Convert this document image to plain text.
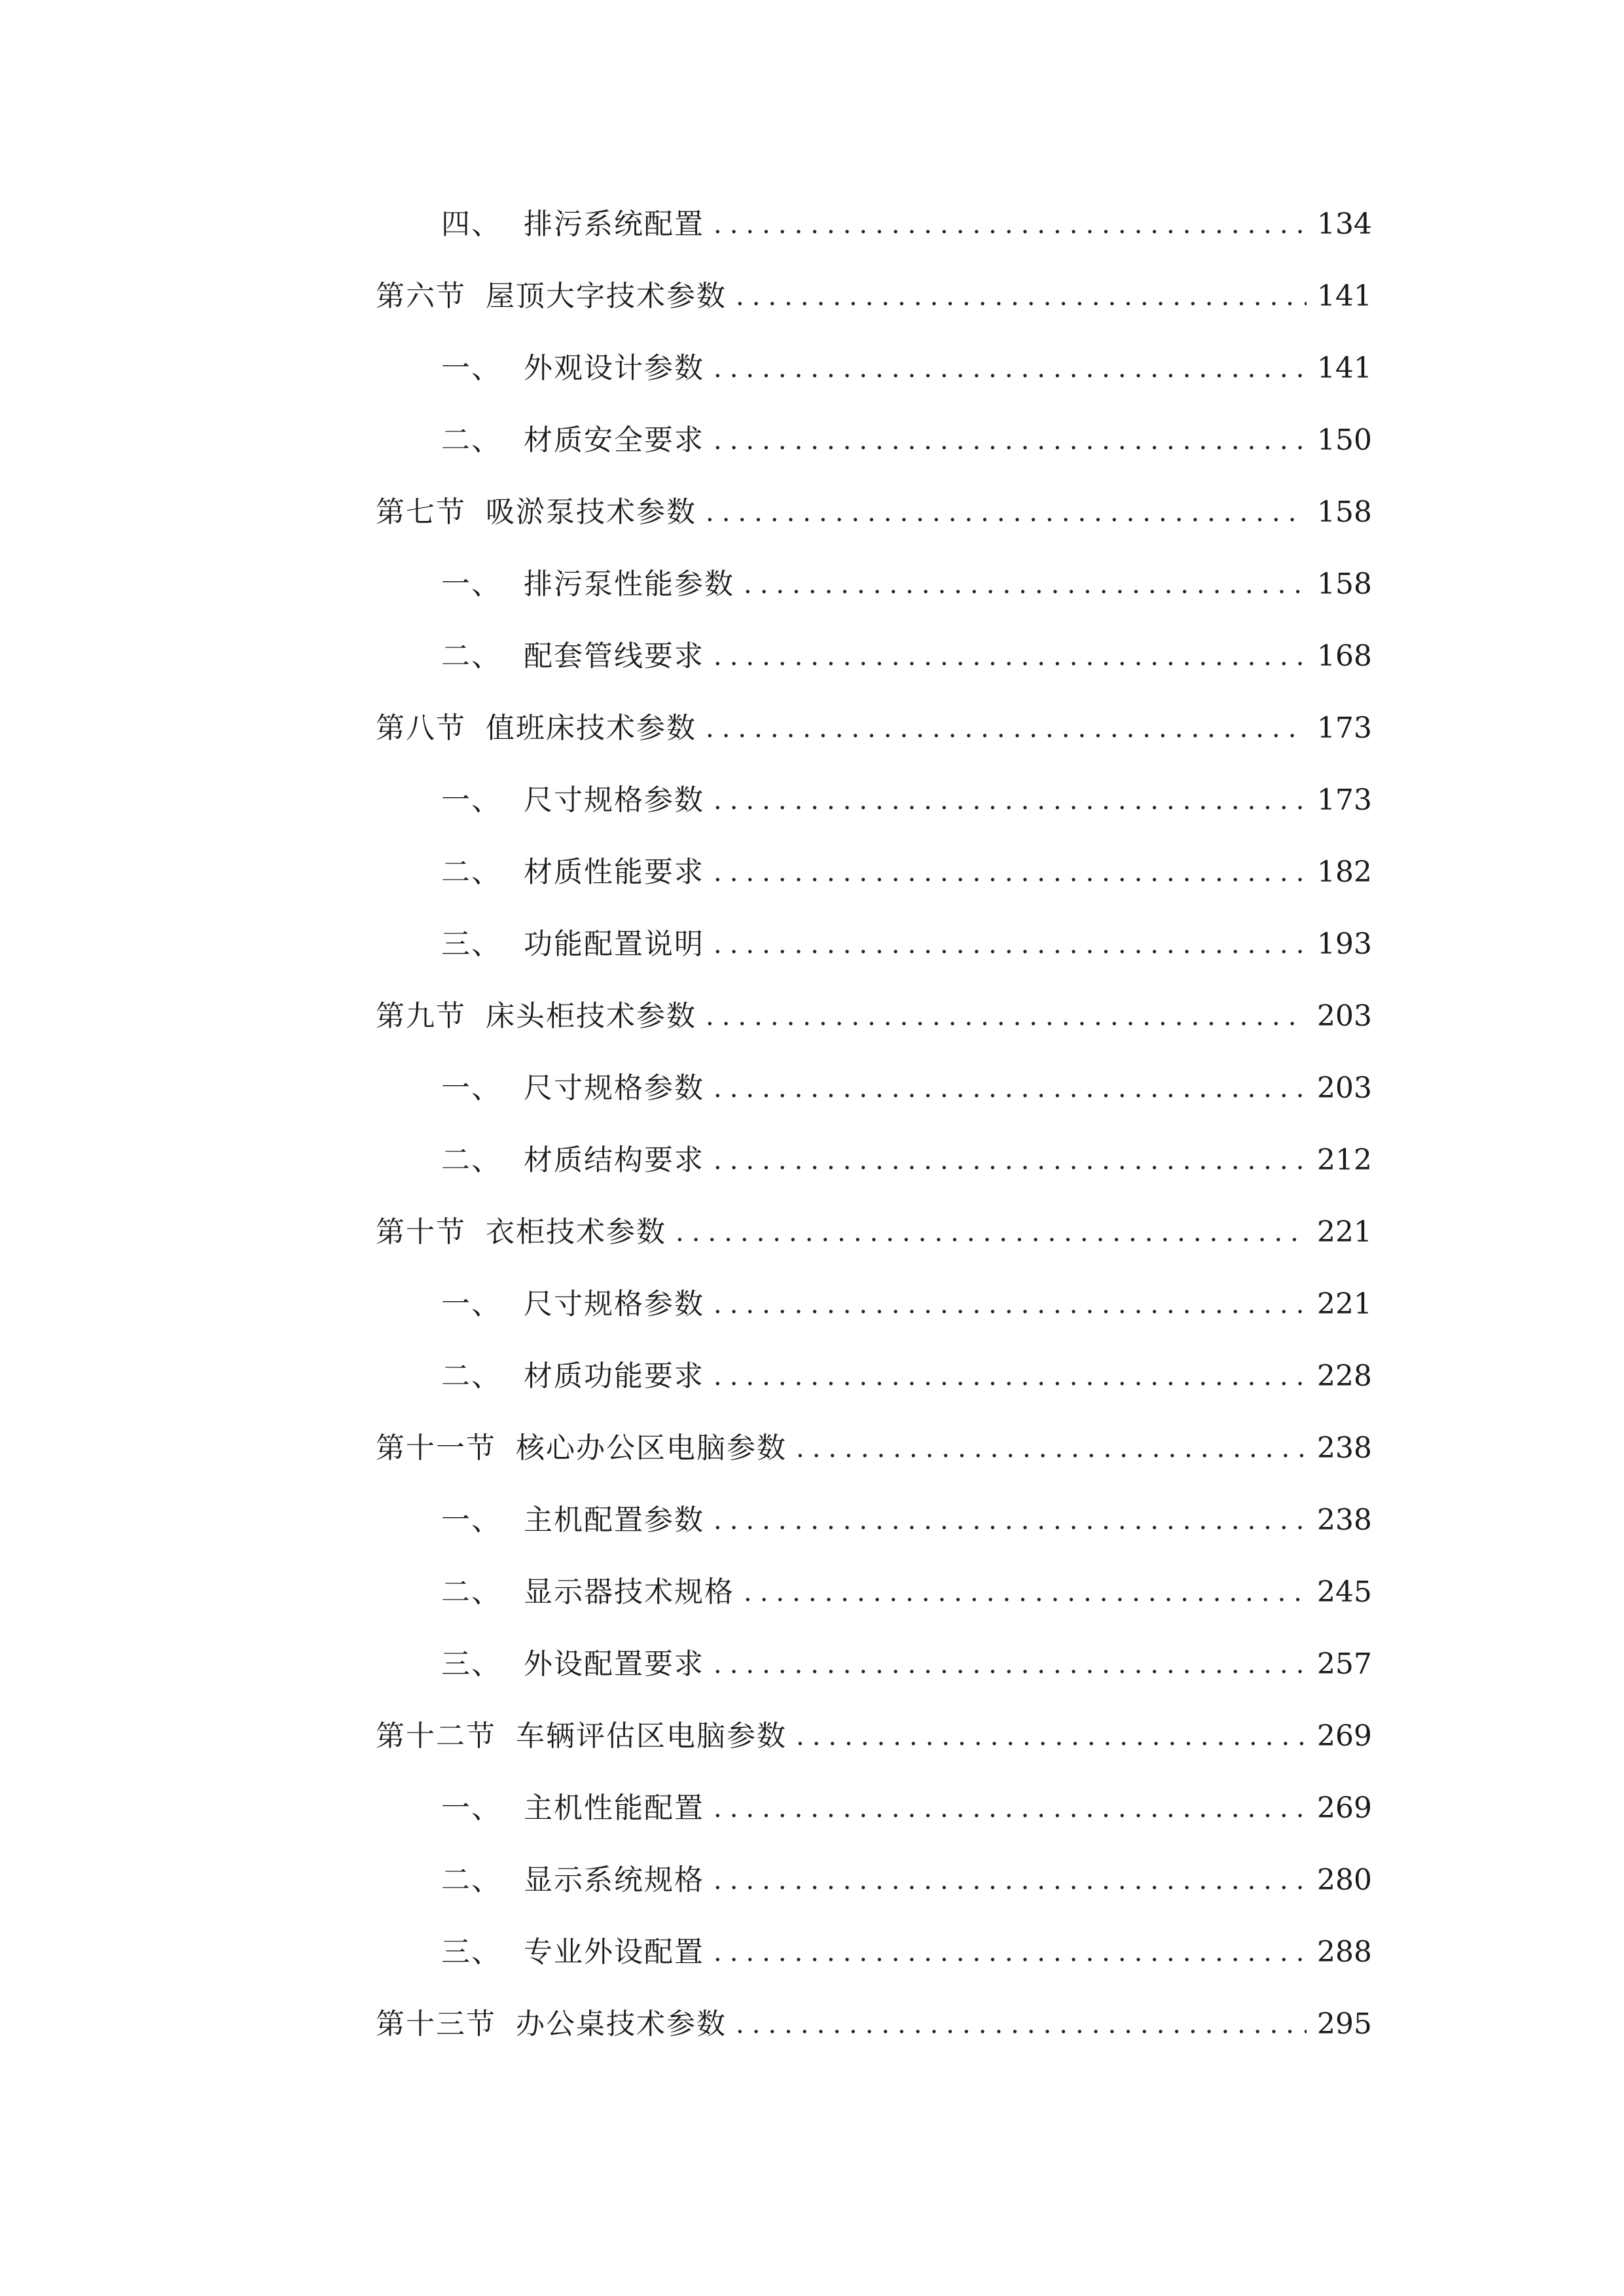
四、 排污系统配置 .....	134
第六节 屋顶大字技术参数 .....	141
一、 外观设计参数 .....	141
二、 材质安全要求 .....	150
第七节 吸淤泵技术参数 .....	158
一、 排污泵性能参数 .....	158
二、 配套管线要求 .....	168
第八节 值班床技术参数 .....	173
一、 尺寸规格参数 .....	173
二、 材质性能要求 .....	182
三、 功能配置说明 .....	193
第九节 床头柜技术参数 .....	203
一、 尺寸规格参数 .....	203
二、 材质结构要求 .....	212
第十节 衣柜技术参数 .....	221
一、 尺寸规格参数 .....	221
二、 材质功能要求 .....	228
第十一节 核心办公区电脑参数 .....	238
一、 主机配置参数 .....	238
二、 显示器技术规格 .....	245
三、 外设配置要求 .....	257
第十二节 车辆评估区电脑参数 .....	269
一、 主机性能配置 .....	269
二、 显示系统规格 .....	280
三、 专业外设配置 .....	288
第十三节 办公桌技术参数 .....	295
